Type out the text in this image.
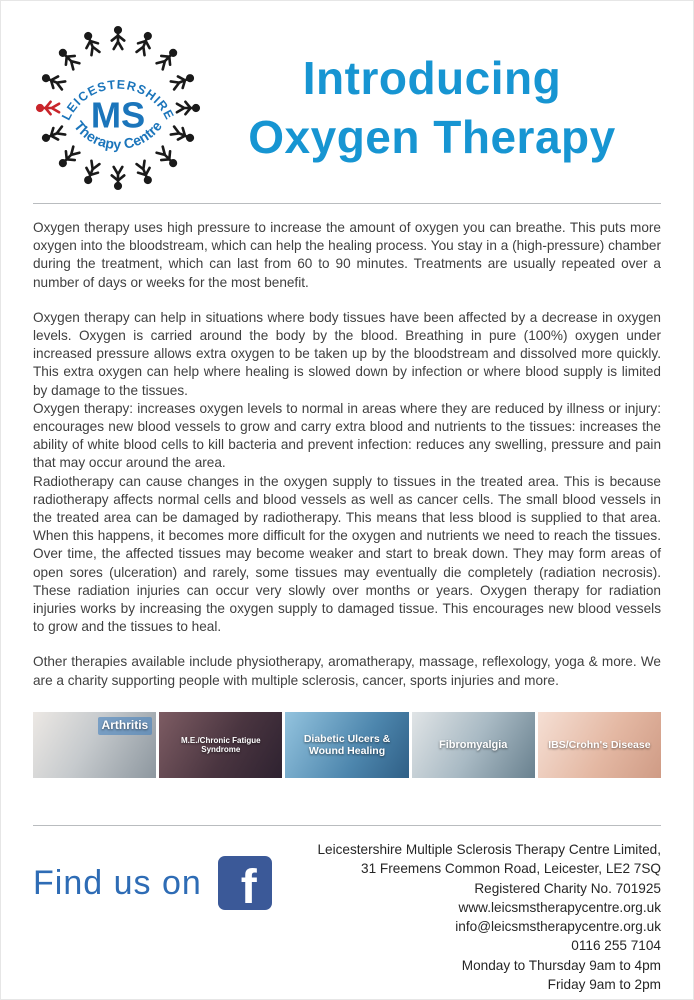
LEICESTERSHIRE
MS
Therapy Centre
Introducing
Oxygen Therapy

Oxygen therapy uses high pressure to increase the amount of oxygen you can breathe. This puts more oxygen into the bloodstream, which can help the healing process. You stay in a (high-pressure) chamber during the treatment, which can last from 60 to 90 minutes. Treatments are usually repeated over a number of days or weeks for the most benefit.

Oxygen therapy can help in situations where body tissues have been affected by a decrease in oxygen levels. Oxygen is carried around the body by the blood. Breathing in pure (100%) oxygen under increased pressure allows extra oxygen to be taken up by the bloodstream and dissolved more quickly. This extra oxygen can help where healing is slowed down by infection or where blood supply is limited by damage to the tissues.

Oxygen therapy: increases oxygen levels to normal in areas where they are reduced by illness or injury: encourages new blood vessels to grow and carry extra blood and nutrients to the tissues: increases the ability of white blood cells to kill bacteria and prevent infection: reduces any swelling, pressure and pain that may occur around the area.

Radiotherapy can cause changes in the oxygen supply to tissues in the treated area. This is because radiotherapy affects normal cells and blood vessels as well as cancer cells. The small blood vessels in the treated area can be damaged by radiotherapy. This means that less blood is supplied to that area. When this happens, it becomes more difficult for the oxygen and nutrients we need to reach the tissues. Over time, the affected tissues may become weaker and start to break down. They may form areas of open sores (ulceration) and rarely, some tissues may eventually die completely (radiation necrosis). These radiation injuries can occur very slowly over months or years. Oxygen therapy for radiation injuries works by increasing the oxygen supply to damaged tissue. This encourages new blood vessels to grow and the tissues to heal.

Other therapies available include physiotherapy, aromatherapy, massage, reflexology, yoga & more. We are a charity supporting people with multiple sclerosis, cancer, sports injuries and more.

Arthritis
M.E./Chronic Fatigue Syndrome
Diabetic Ulcers & Wound Healing
Fibromyalgia	IBS/Crohn's Disease
Find us on f
Leicestershire Multiple Sclerosis Therapy Centre Limited,
31 Freemens Common Road, Leicester, LE2 7SQ
Registered Charity No. 701925
www.leicsmstherapycentre.org.uk
info@leicsmstherapycentre.org.uk
0116 255 7104
Monday to Thursday 9am to 4pm
Friday 9am to 2pm
